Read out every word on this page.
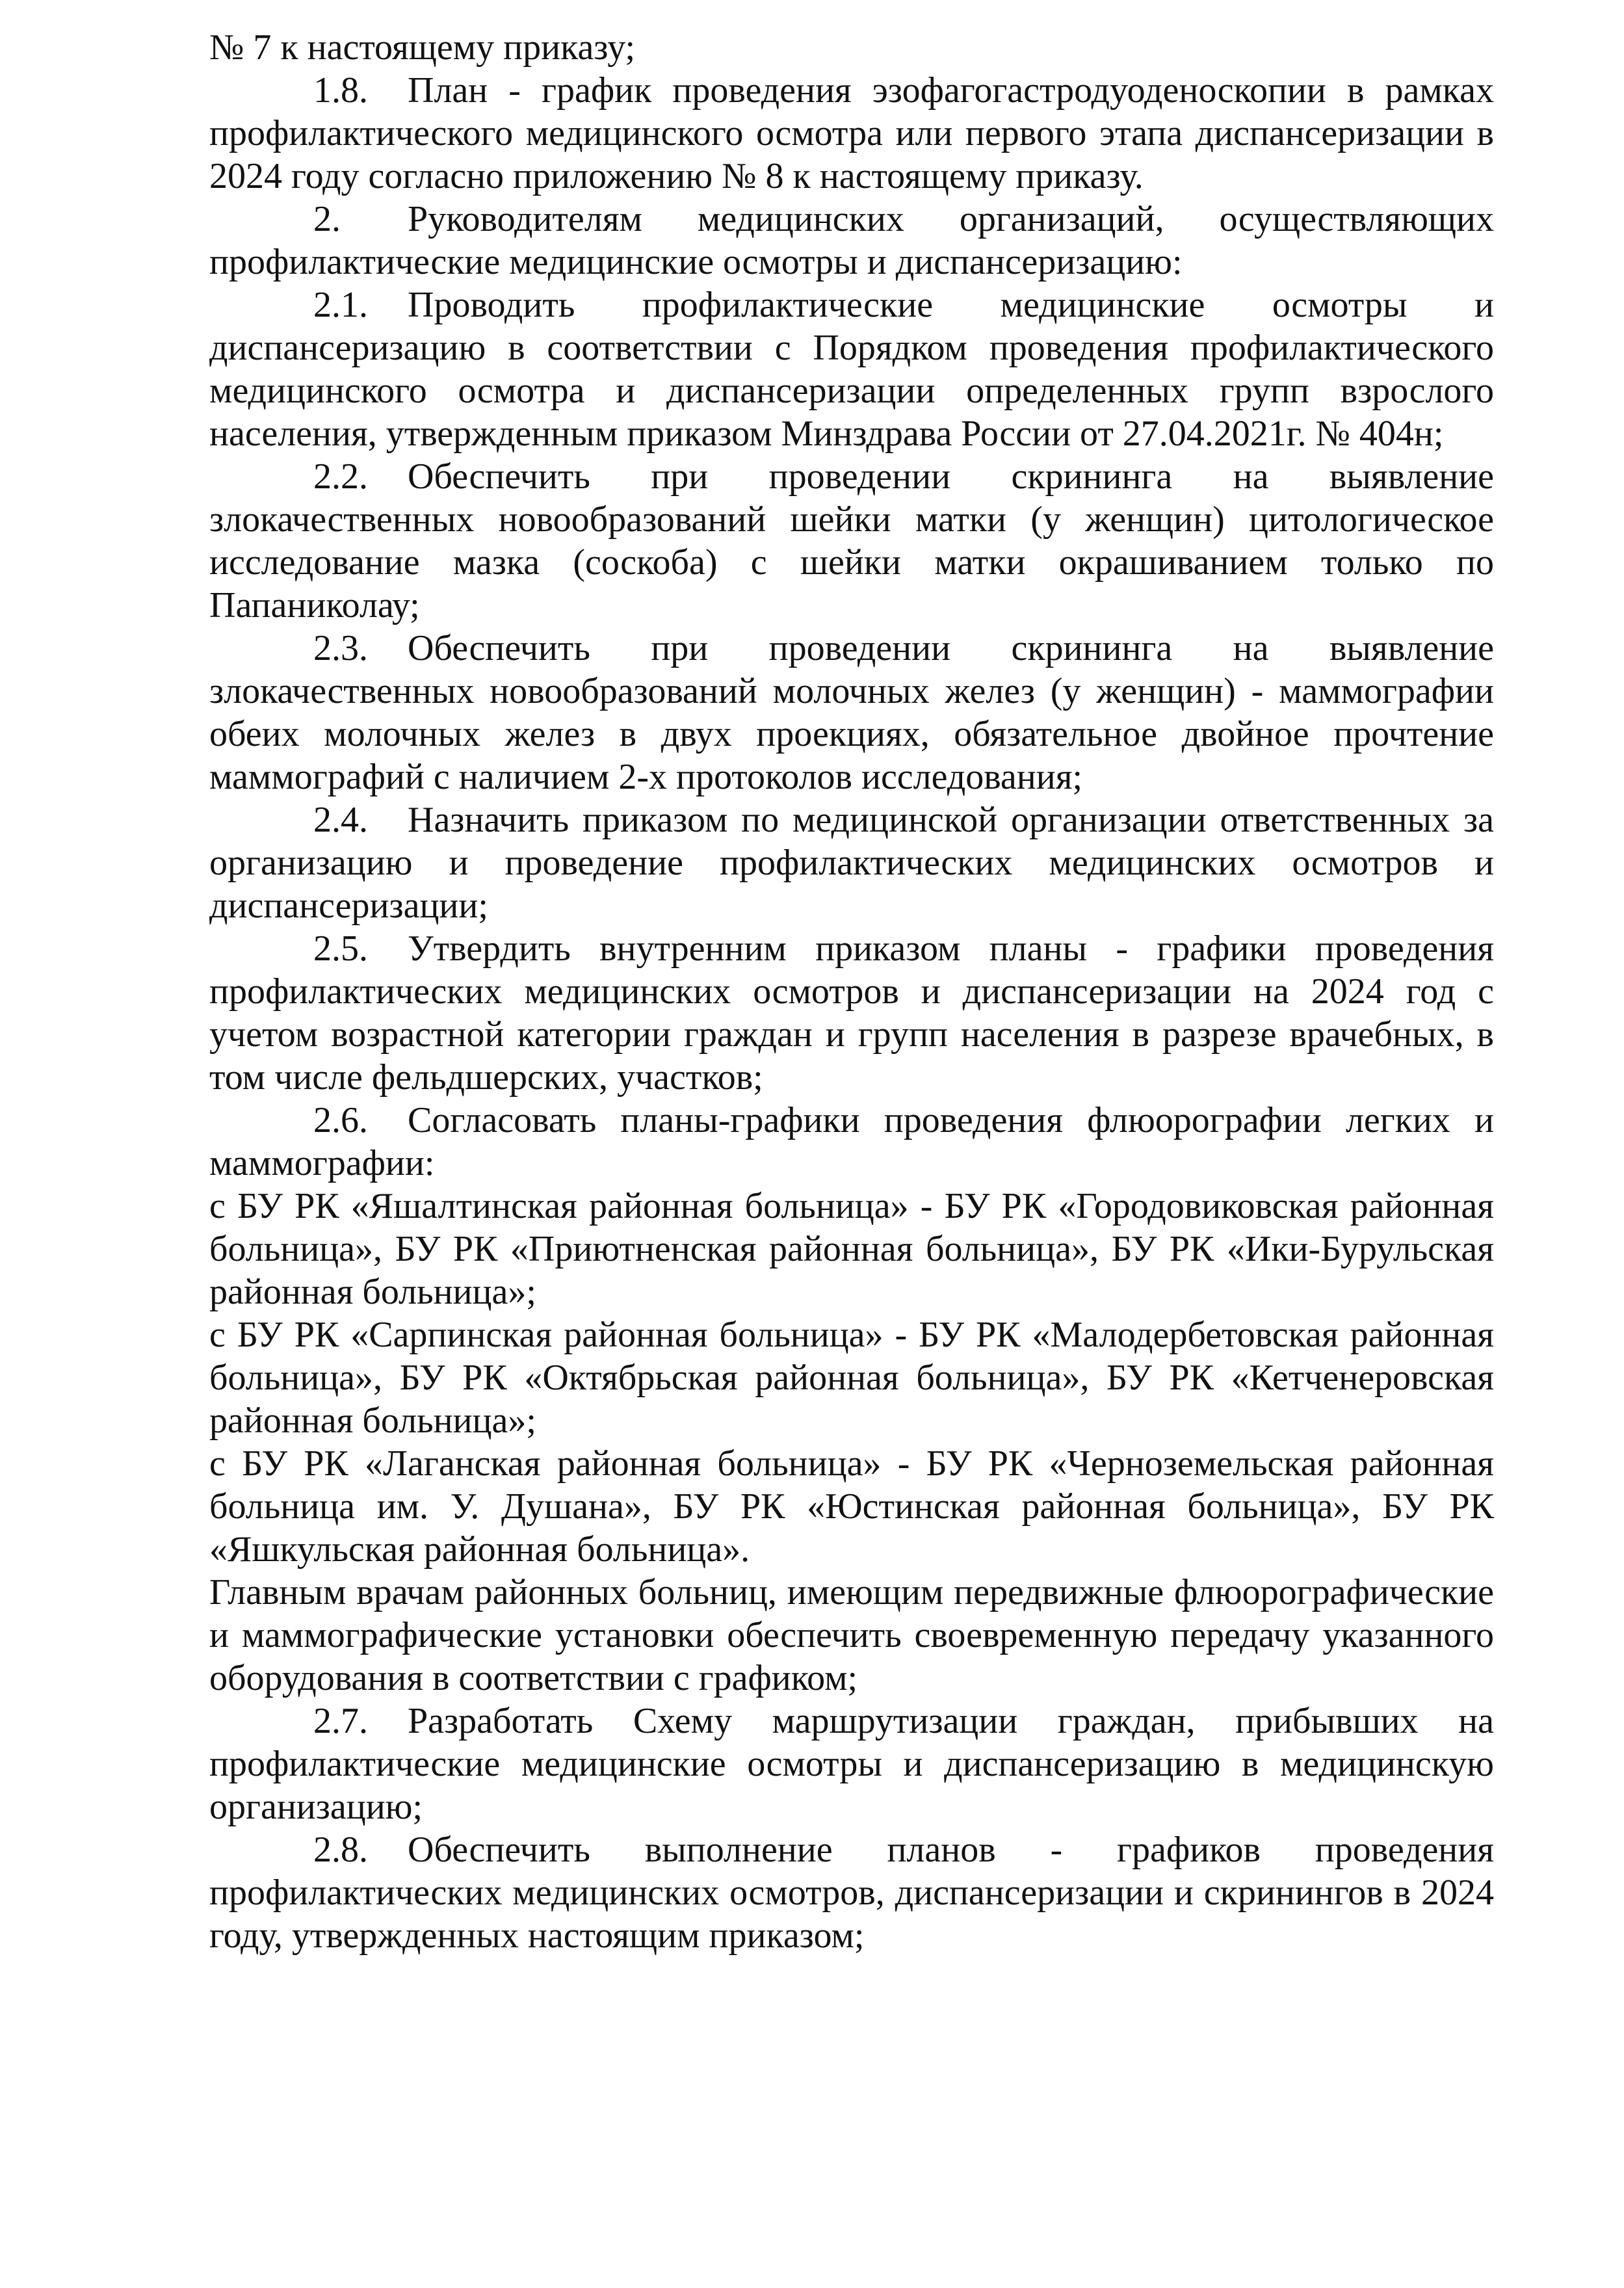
№ 7 к настоящему приказу;

1.8. План - график проведения эзофагогастродуоденоскопии в рамках профилактического медицинского осмотра или первого этапа диспансеризации в 2024 году согласно приложению № 8 к настоящему приказу.

2. Руководителям медицинских организаций, осуществляющих профилактические медицинские осмотры и диспансеризацию:

2.1. Проводить профилактические медицинские осмотры и диспансеризацию в соответствии с Порядком проведения профилактического медицинского осмотра и диспансеризации определенных групп взрослого населения, утвержденным приказом Минздрава России от 27.04.2021г. № 404н;

2.2. Обеспечить при проведении скрининга на выявление злокачественных новообразований шейки матки (у женщин) цитологическое исследование мазка (соскоба) с шейки матки окрашиванием только по Папаниколау;

2.3. Обеспечить при проведении скрининга на выявление злокачественных новообразований молочных желез (у женщин) - маммографии обеих молочных желез в двух проекциях, обязательное двойное прочтение маммографий с наличием 2-х протоколов исследования;

2.4. Назначить приказом по медицинской организации ответственных за организацию и проведение профилактических медицинских осмотров и диспансеризации;

2.5. Утвердить внутренним приказом планы - графики проведения профилактических медицинских осмотров и диспансеризации на 2024 год с учетом возрастной категории граждан и групп населения в разрезе врачебных, в том числе фельдшерских, участков;

2.6. Согласовать планы-графики проведения флюорографии легких и маммографии:

с БУ РК «Яшалтинская районная больница» - БУ РК «Городовиковская районная больница», БУ РК «Приютненская районная больница», БУ РК «Ики-Бурульская районная больница»;

с БУ РК «Сарпинская районная больница» - БУ РК «Малодербетовская районная больница», БУ РК «Октябрьская районная больница», БУ РК «Кетченеровская районная больница»;

с БУ РК «Лаганская районная больница» - БУ РК «Черноземельская районная больница им. У. Душана», БУ РК «Юстинская районная больница», БУ РК «Яшкульская районная больница».

Главным врачам районных больниц, имеющим передвижные флюорографические и маммографические установки обеспечить своевременную передачу указанного оборудования в соответствии с графиком;

2.7. Разработать Схему маршрутизации граждан, прибывших на профилактические медицинские осмотры и диспансеризацию в медицинскую организацию;

2.8. Обеспечить выполнение планов - графиков проведения профилактических медицинских осмотров, диспансеризации и скринингов в 2024 году, утвержденных настоящим приказом;
